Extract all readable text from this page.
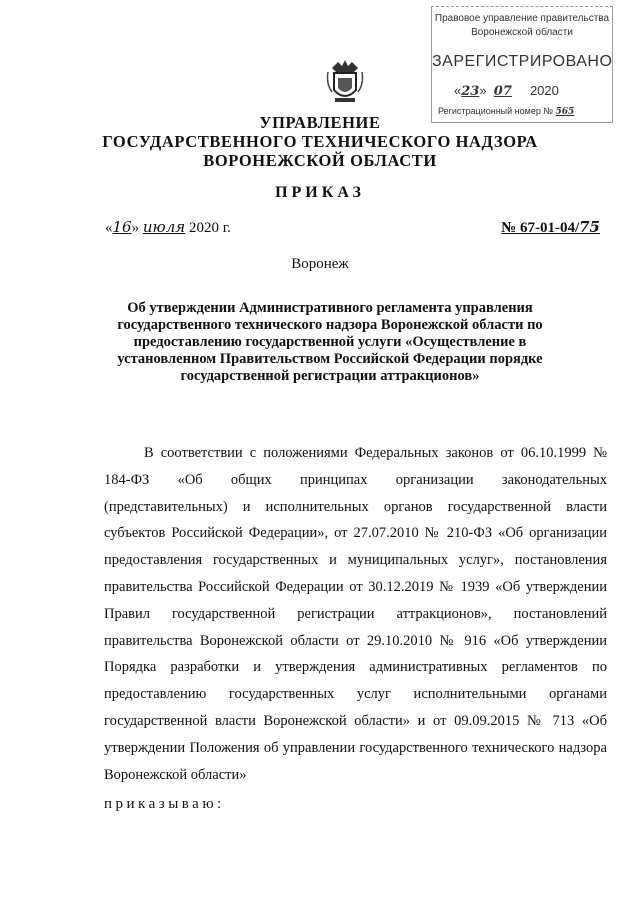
Правовое управление правительства
Воронежской области
ЗАРЕГИСТРИРОВАНО
«23»  07 2020
Регистрационный номер № 565
УПРАВЛЕНИЕ
ГОСУДАРСТВЕННОГО ТЕХНИЧЕСКОГО НАДЗОРА
ВОРОНЕЖСКОЙ ОБЛАСТИ
ПРИКАЗ
«16» июля 2020 г.	№ 67-01-04/75
Воронеж
Об утверждении Административного регламента управления государственного технического надзора Воронежской области по предоставлению государственной услуги «Осуществление в установленном Правительством Российской Федерации порядке государственной регистрации аттракционов»
В соответствии с положениями Федеральных законов от 06.10.1999 № 184-ФЗ «Об общих принципах организации законодательных (представительных) и исполнительных органов государственной власти субъектов Российской Федерации», от 27.07.2010 № 210-ФЗ «Об организации предоставления государственных и муниципальных услуг», постановления правительства Российской Федерации от 30.12.2019 № 1939 «Об утверждении Правил государственной регистрации аттракционов», постановлений правительства Воронежской области от 29.10.2010 № 916 «Об утверждении Порядка разработки и утверждения административных регламентов по предоставлению государственных услуг исполнительными органами государственной власти Воронежской области» и от 09.09.2015 № 713 «Об утверждении Положения об управлении государственного технического надзора Воронежской области»
приказываю:
